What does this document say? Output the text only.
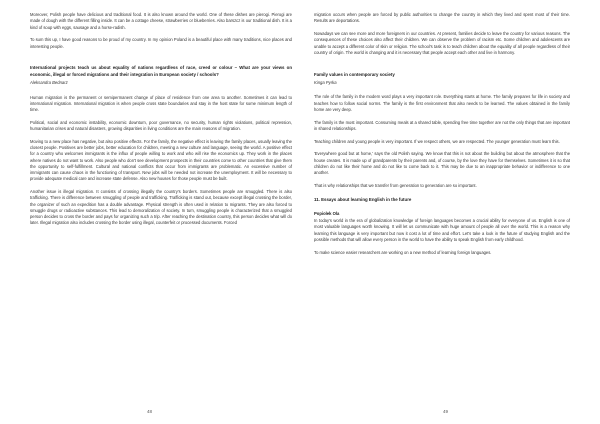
Moreover, Polish people have delicious and traditional food. It is also known around the world. One of these dishes are pierogi. Pierogi are made of dough with the different filling inside. It can be a cottage cheese, strawberries or blueberries. Also barszcz is our traditional dish. It is a kind of soup with eggs, sausage and a horse-radish.

To sum this up, I have good reasons to be proud of my country. In my opinion Poland is a beautiful place with many traditions, nice places and interesting people.

International projects teach us about equality of nations regardless of race, creed or colour – What are your views on economic, illegal or forced migrations and their integration in European society / schools?

Aleksandra Bednarz

Human migration is the permanent or semipermanent change of place of residence from one area to another. Sometimes it can lead to international migration. International migration is when people cross state boundaries and stay in the host state for some minimum length of time.

Political, social and economic instability, economic downturn, poor governance, no security, human rights violations, political repression, humanitarian crises and natural disasters, growing disparities in living conditions are the main reasons of migration.

Moving to a new place has negative, but also positive effects. For the family, the negative effect is leaving the family places, usually leaving the closest people. Positives are better jobs, better education for children, meeting a new culture and language, seeing the world. A positive effect for a country who welcomes immigrants is the influx of people willing to work and who will rise the economics up. They work in the places where natives do not want to work. Also people who don't see development prospects in their countries come to other countries that give them the opportunity to self-fulfillment. Cultural and national conflicts that occur from immigrants are problematic. An excessive number of immigrants can cause chaos in the functioning of transport. New jobs will be needed not increase the unemployment. It will be necessary to provide adequate medical care and increase state defense. Also new houses for those people must be built.

Another issue is illegal migration. It consists of crossing illegally the country's borders. Sometimes people are smuggled. There is also trafficking. There is difference between smuggling of people and trafficking. Trafficking is stand out, because except illegal crossing the border, the organizer of such an expedition has a double advantage. Physical strength is often used in relation to migrants. They are also forced to smuggle drugs or radioactive substances. This lead to demoralization of society. In turn, smuggling people is characterized that a smuggled person decides to cross the border and pays for organizing such a trip. After reaching the destination country, this person decides what will do later. Illegal migration also includes crossing the border using illegal, counterfeit or processed documents. Forced

48

migration occurs when people are forced by public authorities to change the country in which they lived and spent most of their time. Results are deportations.

Nowadays we can see more and more foreigners in our countries. At present, families decide to leave the country for various reasons. The consequences of these choices also affect their children. We can observe the problem of racism etc. Some children and adolescents are unable to accept a different color of skin or religion. The school's task is to teach children about the equality of all people regardless of their country of origin. The world is changing and it is necessary that people accept each other and live in harmony.

Family values in contemporary society

Kinga Pyrka

The role of the family in the modern word plays a very important role. Everything starts at home. The family prepares for life in society and teaches how to follow social norms. The family is the first environment that also needs to be learned. The values obtained in the family home are very deep.

The family is the most important. Consuming meals at a shared table, spending free time together are not the only things that are important in shared relationships.

Teaching children and young people is very important. If we respect others, we are respected. The younger generation must learn this.

'Everywhere good but at home,' says the old Polish saying. We know that this is not about the building but about the atmosphere that the house creates. It is made up of grandparents by their parents and, of course, by the love they have for themselves. Sometimes it is so that children do not like their home and do not like to come back to it. This may be due to an inappropriate behavior or indifference to one another.

That is why relationships that we transfer from generation to generation are so important.

11. Essays about learning English in the future

Popiolek Ola

In today's world in the era of globalization knowledge of foreign languages becomes a crucial ability for everyone of us. English is one of most valuable languages worth knowing. It will let us communicate with huge amount of people all over the world. This is a reason why learning this language is very important but now it cost a lot of time and effort. Let's take a look in the future of studying English and the possible methods that will allow every person in the world to have the ability to speak English from early childhood.

To make science easier researchers are working on a new method of learning foreign languages.

49
